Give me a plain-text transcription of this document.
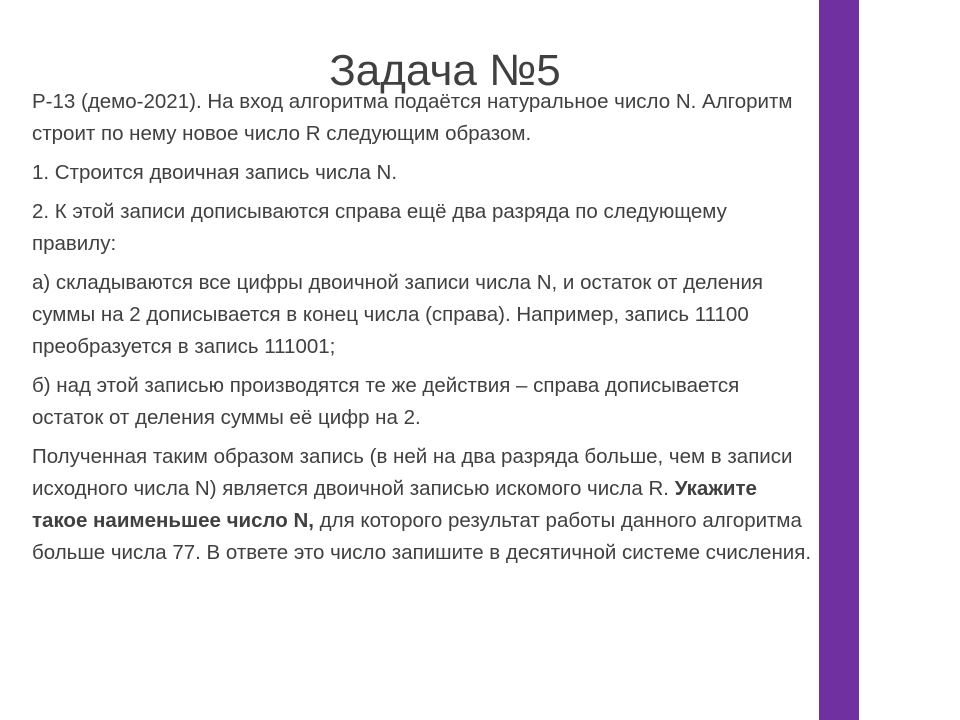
Задача №5

Р-13 (демо-2021). На вход алгоритма подаётся натуральное число N. Алгоритм строит по нему новое число R следующим образом.

1. Строится двоичная запись числа N.

2. К этой записи дописываются справа ещё два разряда по следующему правилу:

а) складываются все цифры двоичной записи числа N, и остаток от деления суммы на 2 дописывается в конец числа (справа). Например, запись 11100 преобразуется в запись 111001;

б) над этой записью производятся те же действия – справа дописывается остаток от деления суммы её цифр на 2.

Полученная таким образом запись (в ней на два разряда больше, чем в записи исходного числа N) является двоичной записью искомого числа R. Укажите такое наименьшее число N, для которого результат работы данного алгоритма больше числа 77. В ответе это число запишите в десятичной системе счисления.
